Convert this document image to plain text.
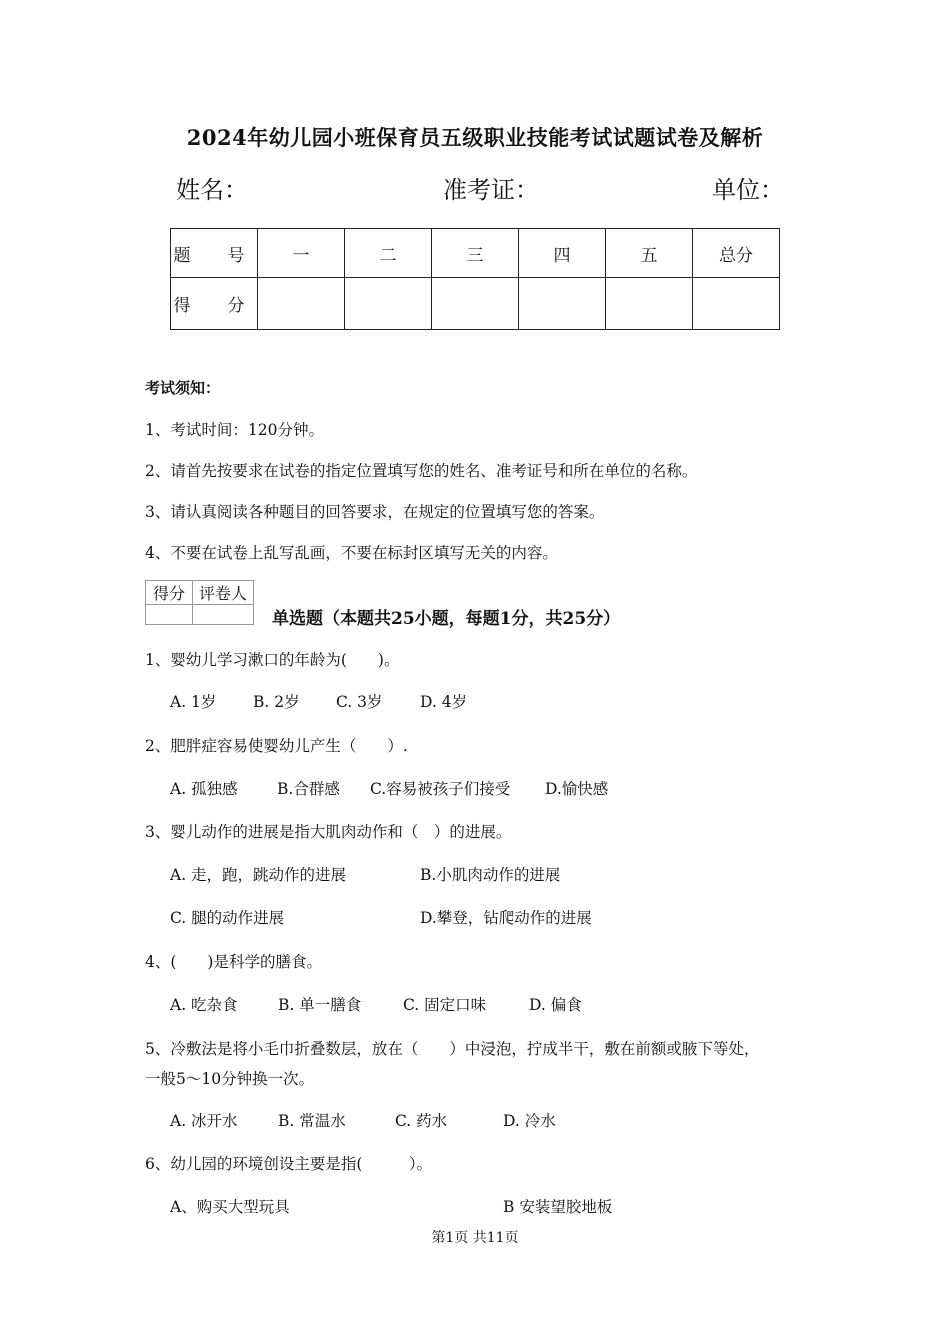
2024年幼儿园小班保育员五级职业技能考试试题试卷及解析
姓名：	准考证：	单位：
题　号	一	二	三	四	五	总分
得　分						
考试须知：
1、考试时间：120分钟。
2、请首先按要求在试卷的指定位置填写您的姓名、准考证号和所在单位的名称。
3、请认真阅读各种题目的回答要求，在规定的位置填写您的答案。
4、不要在试卷上乱写乱画，不要在标封区填写无关的内容。
得分	评卷人

单选题（本题共25小题，每题1分，共25分）
1、婴幼儿学习漱口的年龄为(　　)。
A. 1岁 B. 2岁 C. 3岁 D. 4岁
2、肥胖症容易使婴幼儿产生（　　）.
A. 孤独感	B.合群感 C.容易被孩子们接受 D.愉快感
3、婴儿动作的进展是指大肌肉动作和（　）的进展。
A. 走，跑，跳动作的进展	B.小肌肉动作的进展
C. 腿的动作进展	D.攀登，钻爬动作的进展
4、(　　)是科学的膳食。
A. 吃杂食	B. 单一膳食	C. 固定口味	D. 偏食
5、冷敷法是将小毛巾折叠数层，放在（　　）中浸泡，拧成半干，敷在前额或腋下等处，
一般5～10分钟换一次。
A. 冰开水	B. 常温水	C. 药水	D. 冷水
6、幼儿园的环境创设主要是指(　　　）。
A、购买大型玩具	B 安装望胶地板
第1页 共11页
